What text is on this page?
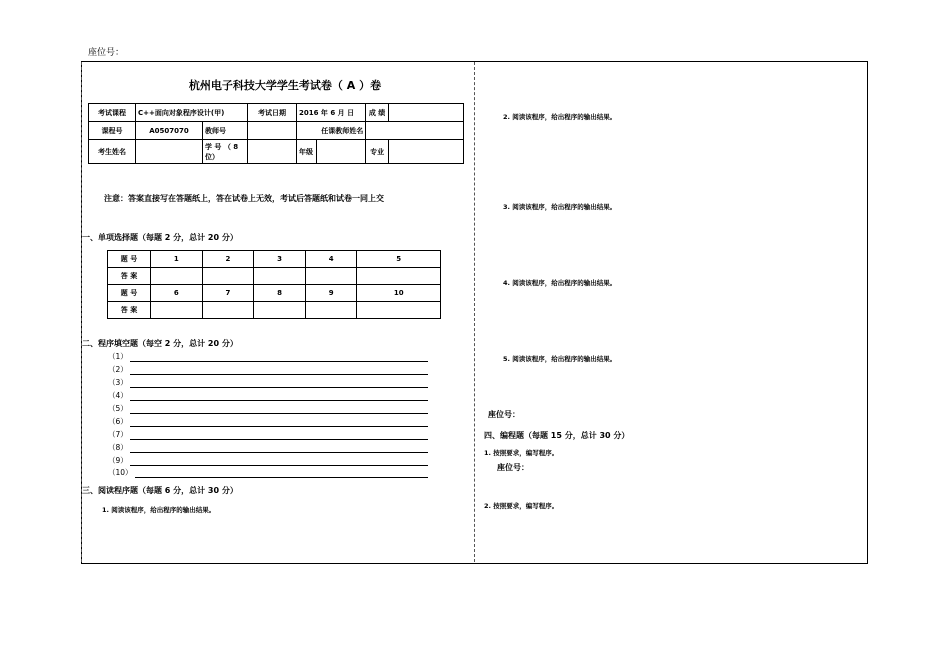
座位号：
杭州电子科技大学学生考试卷（ A ）卷
考试课程	C++面向对象程序设计(甲)		考试日期	2016 年 6 月 日		成 绩	
课程号	A0507070	教师号		任课教师姓名			
考生姓名		学 号 （ 8 位）		年级		专业	
注意：答案直接写在答题纸上，答在试卷上无效，考试后答题纸和试卷一同上交
一、单项选择题（每题 2 分，总计 20 分）
题 号	1	2	3	4	5
答 案					
题 号	6	7	8	9	10
答 案					
二、程序填空题（每空 2 分，总计 20 分）
（1）
（2）
（3）
（4）
（5）
（6）
（7）
（8）
（9）
（10）
三、阅读程序题（每题 6 分，总计 30 分）
1. 阅读该程序，给出程序的输出结果。
2. 阅读该程序，给出程序的输出结果。
3. 阅读该程序，给出程序的输出结果。
4. 阅读该程序，给出程序的输出结果。
5. 阅读该程序，给出程序的输出结果。
座位号：
四、编程题（每题 15 分，总计 30 分）
1. 按照要求，编写程序。
座位号：
2. 按照要求，编写程序。
